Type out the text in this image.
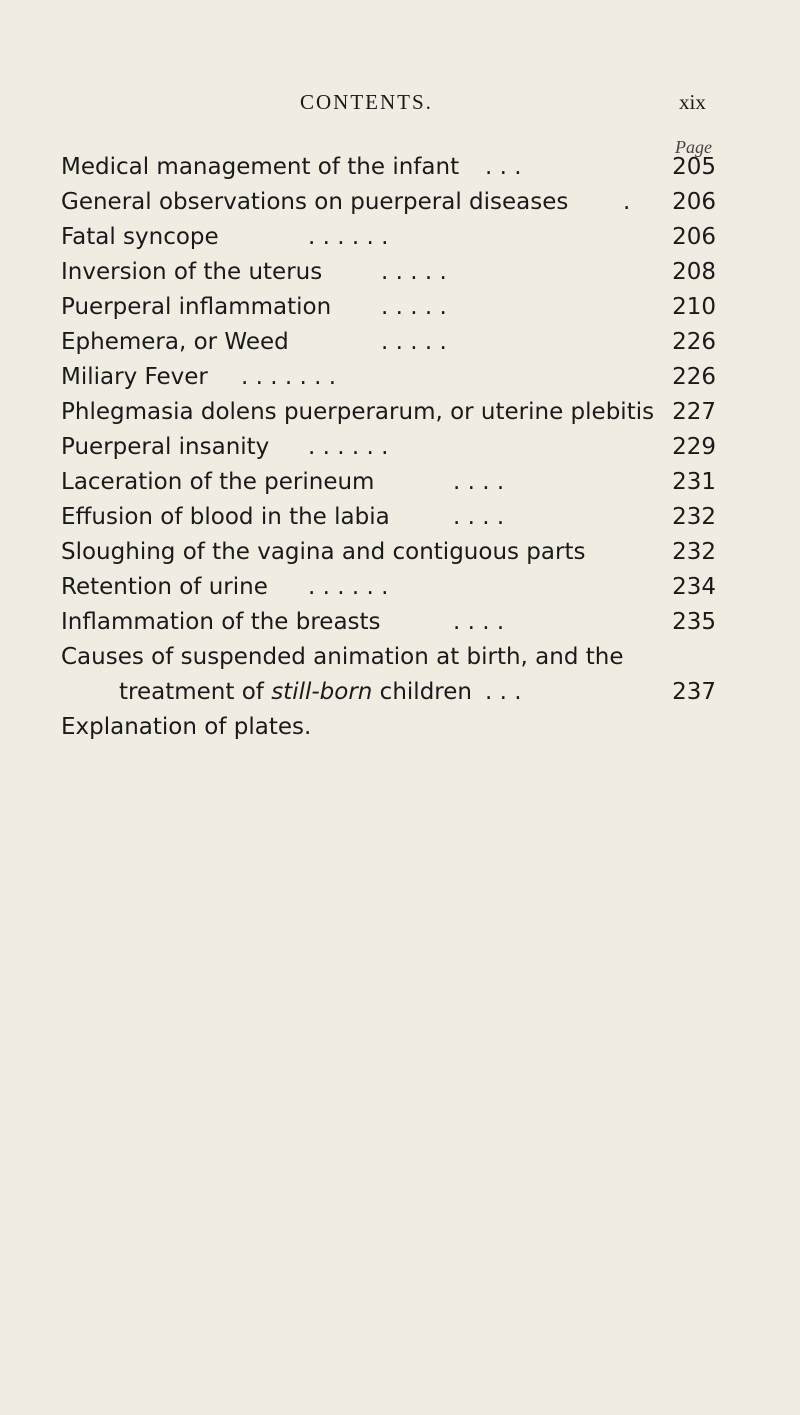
CONTENTS.	xix
Page
Medical management of the infant . . .	205
General observations on puerperal diseases . 206
Fatal syncope	. . . . . .	206
Inversion of the uterus	. . . . .	208
Puerperal inflammation . . . . .	210
Ephemera, or Weed	. . . . .	226
Miliary Fever . . . . . . .	226
Phlegmasia dolens puerperarum, or uterine plebitis 227
Puerperal insanity . . . . . .	229
Laceration of the perineum	. . . .	231
Effusion of blood in the labia	. . . .	232
Sloughing of the vagina and contiguous parts	232
Retention of urine . . . . . .	234
Inflammation of the breasts	. . . .	235
Causes of suspended animation at birth, and the
treatment of still-born children . . .	237
Explanation of plates.
